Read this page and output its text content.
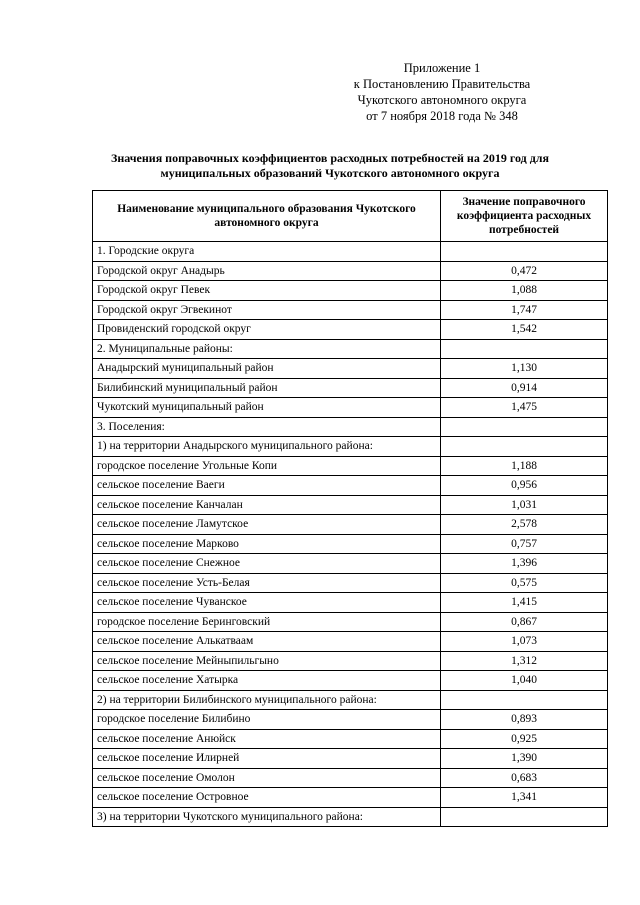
Приложение 1
к Постановлению Правительства
Чукотского автономного округа
от 7 ноября 2018 года № 348
Значения поправочных коэффициентов расходных потребностей на 2019 год для
муниципальных образований Чукотского автономного округа
Наименование муниципального образования Чукотского автономного округа	Значение поправочного коэффициента расходных потребностей
1. Городские округа	
Городской округ Анадырь	0,472
Городской округ Певек	1,088
Городской округ Эгвекинот	1,747
Провиденский городской округ	1,542
2. Муниципальные районы:	
Анадырский муниципальный район	1,130
Билибинский муниципальный район	0,914
Чукотский муниципальный район	1,475
3. Поселения:	
1) на территории Анадырского муниципального района:	
городское поселение Угольные Копи	1,188
сельское поселение Ваеги	0,956
сельское поселение Канчалан	1,031
сельское поселение Ламутское	2,578
сельское поселение Марково	0,757
сельское поселение Снежное	1,396
сельское поселение Усть-Белая	0,575
сельское поселение Чуванское	1,415
городское поселение Беринговский	0,867
сельское поселение Алькатваам	1,073
сельское поселение Мейныпильгыно	1,312
сельское поселение Хатырка	1,040
2) на территории Билибинского муниципального района:	
городское поселение Билибино	0,893
сельское поселение Анюйск	0,925
сельское поселение Илирней	1,390
сельское поселение Омолон	0,683
сельское поселение Островное	1,341
3) на территории Чукотского муниципального района:	
